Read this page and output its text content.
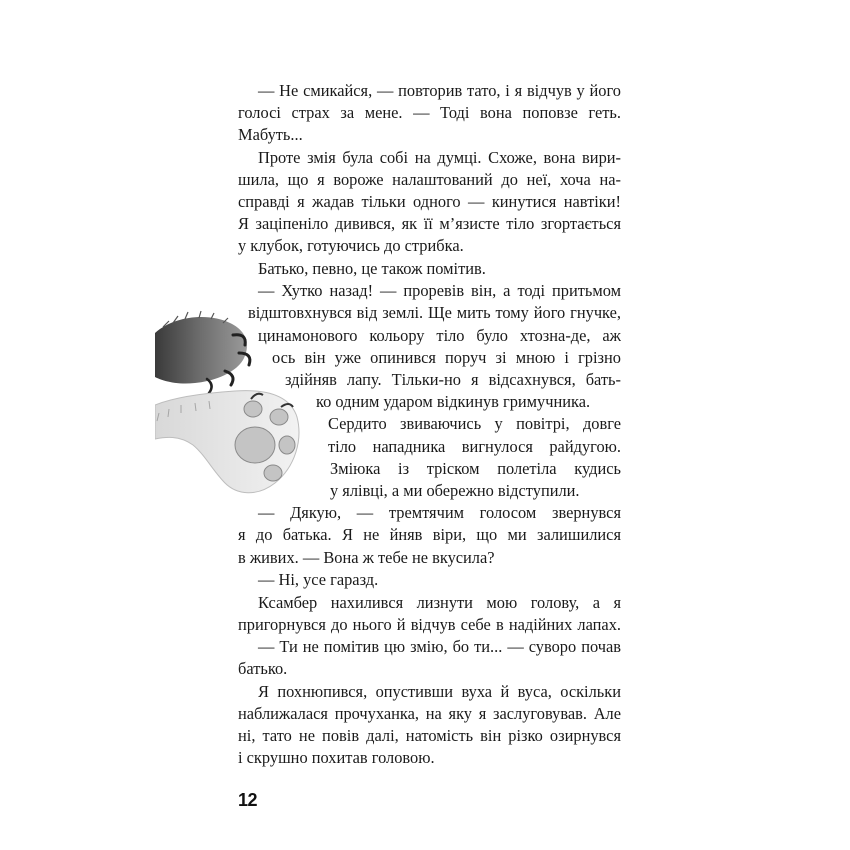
— Не смикайся, — повторив тато, і я відчув у його
голосі страх за мене. — Тоді вона поповзе геть.
Мабуть...
Проте змія була собі на думці. Схоже, вона вири-
шила, що я вороже налаштований до неї, хоча на-
справді я жадав тільки одного — кинутися навтіки!
Я заціпеніло дивився, як її м’язисте тіло згортається
у клубок, готуючись до стрибка.
Батько, певно, це також помітив.
— Хутко назад! — проревів він, а тоді притьмом
відштовхнувся від землі. Ще мить тому його гнучке,
цинамонового кольору тіло було хтозна-де, аж
ось він уже опинився поруч зі мною і грізно
здійняв лапу. Тільки-но я відсахнувся, бать-
ко одним ударом відкинув гримучника.
Сердито звиваючись у повітрі, довге
тіло нападника вигнулося райдугою.
Змiюка із тріском полетіла кудись
у ялівці, а ми обережно відступили.
— Дякую, — тремтячим голосом звернувся
я до батька. Я не йняв віри, що ми залишилися
в живих. — Вона ж тебе не вкусила?
— Ні, усе гаразд.
Ксамбер нахилився лизнути мою голову, а я
пригорнувся до нього й відчув себе в надійних лапах.
— Ти не помітив цю змію, бо ти... — суворо почав
батько.
Я похнюпився, опустивши вуха й вуса, оскільки
наближалася прочуханка, на яку я заслуговував. Але
ні, тато не повів далі, натомість він різко озирнувся
і скрушно похитав головою.
12
